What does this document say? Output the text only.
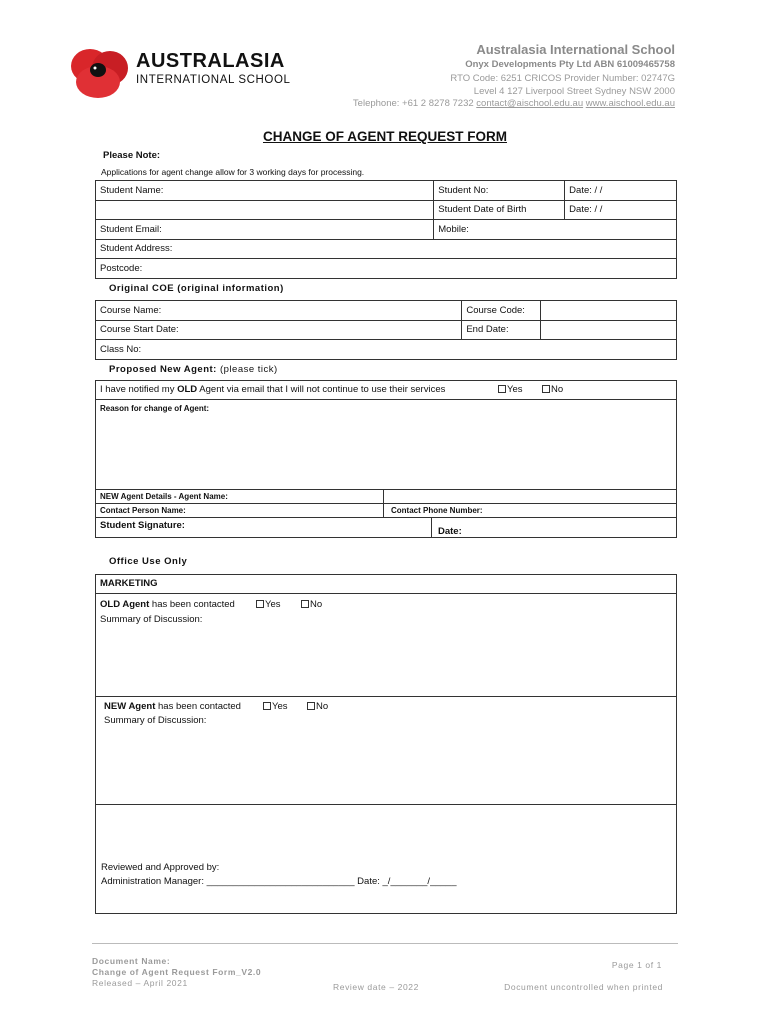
AUSTRALASIA
INTERNATIONAL SCHOOL
Australasia International School
Onyx Developments Pty Ltd ABN 61009465758
RTO Code: 6251 CRICOS Provider Number: 02747G
Level 4 127 Liverpool Street Sydney NSW 2000
Telephone: +61 2 8278 7232 contact@aischool.edu.au www.aischool.edu.au
CHANGE OF AGENT REQUEST FORM
Please Note:
Applications for agent change allow for 3 working days for processing.
Student Name:	Student No:	Date: / /
	Student Date of Birth	Date: / /
Student Email:	Mobile:	
Student Address:		
Postcode:		
Original COE (original information)
Course Name:	Course Code:	
Course Start Date:	End Date:	
Class No:		
Proposed New Agent: (please tick)
I have notified my OLD Agent via email that I will not continue to use their services	Yes	No
Reason for change of Agent:
NEW Agent Details - Agent Name:
Contact Person Name:	Contact Phone Number:
Student Signature:
Date:
Office Use Only
MARKETING
OLD Agent has been contacted	Yes	No
Summary of Discussion:
NEW Agent has been contacted	Yes	No
Summary of Discussion:
Reviewed and Approved by:
Administration Manager: ____________________________ Date: _/_______/_____
Document Name:
Change of Agent Request Form_V2.0
Released – April 2021	Review date – 2022
Page 1 of 1
Document uncontrolled when printed
